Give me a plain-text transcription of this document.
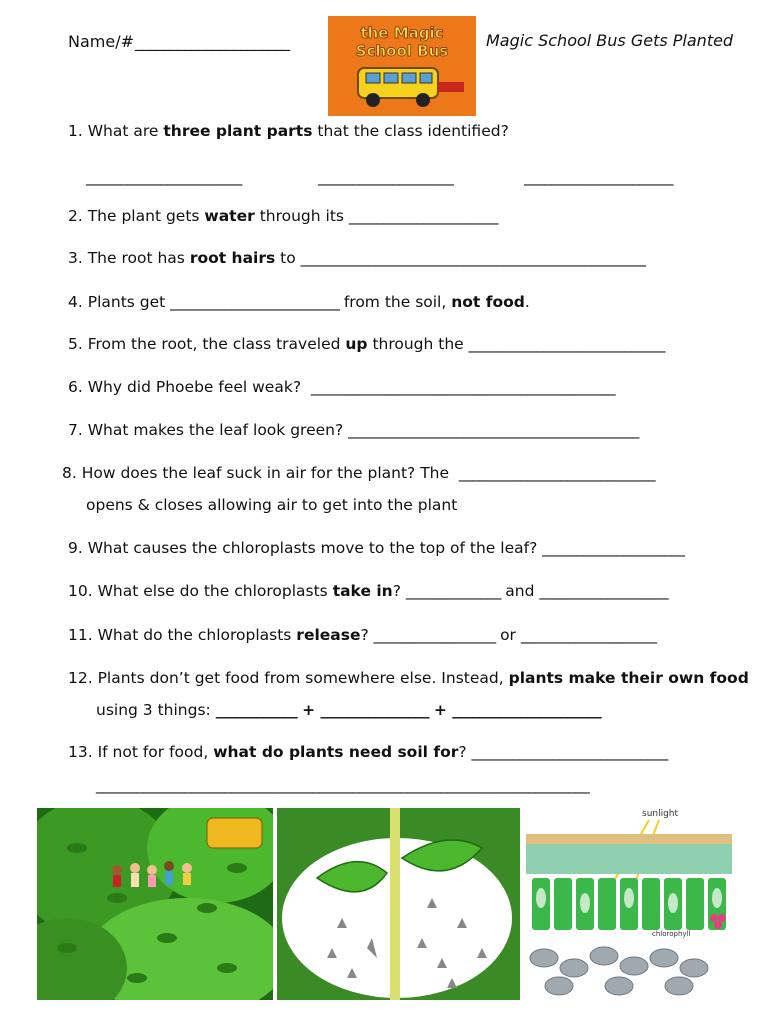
Name/# ______________________	the Magic
School Bus
Magic School Bus Gets Planted
1. What are three plant parts that the class identified?
_______________________	____________________	______________________
2. The plant gets water through its ______________________
3. The root has root hairs to ___________________________________________________
4. Plants get _________________________ from the soil, not food.
5. From the root, the class traveled up through the _____________________________
6. Why did Phoebe feel weak? _____________________________________________
7. What makes the leaf look green? ___________________________________________
8. How does the leaf suck in air for the plant? The _____________________________
opens & closes allowing air to get into the plant
9. What causes the chloroplasts move to the top of the leaf? _____________________
10. What else do the chloroplasts take in? ______________ and ___________________
11. What do the chloroplasts release? __________________ or ____________________
12. Plants don’t get food from somewhere else. Instead, plants make their own food
using 3 things: ____________ + ________________ + ______________________
13. If not for food, what do plants need soil for? _____________________________
_________________________________________________________________________
sunlight
chlorophyll
